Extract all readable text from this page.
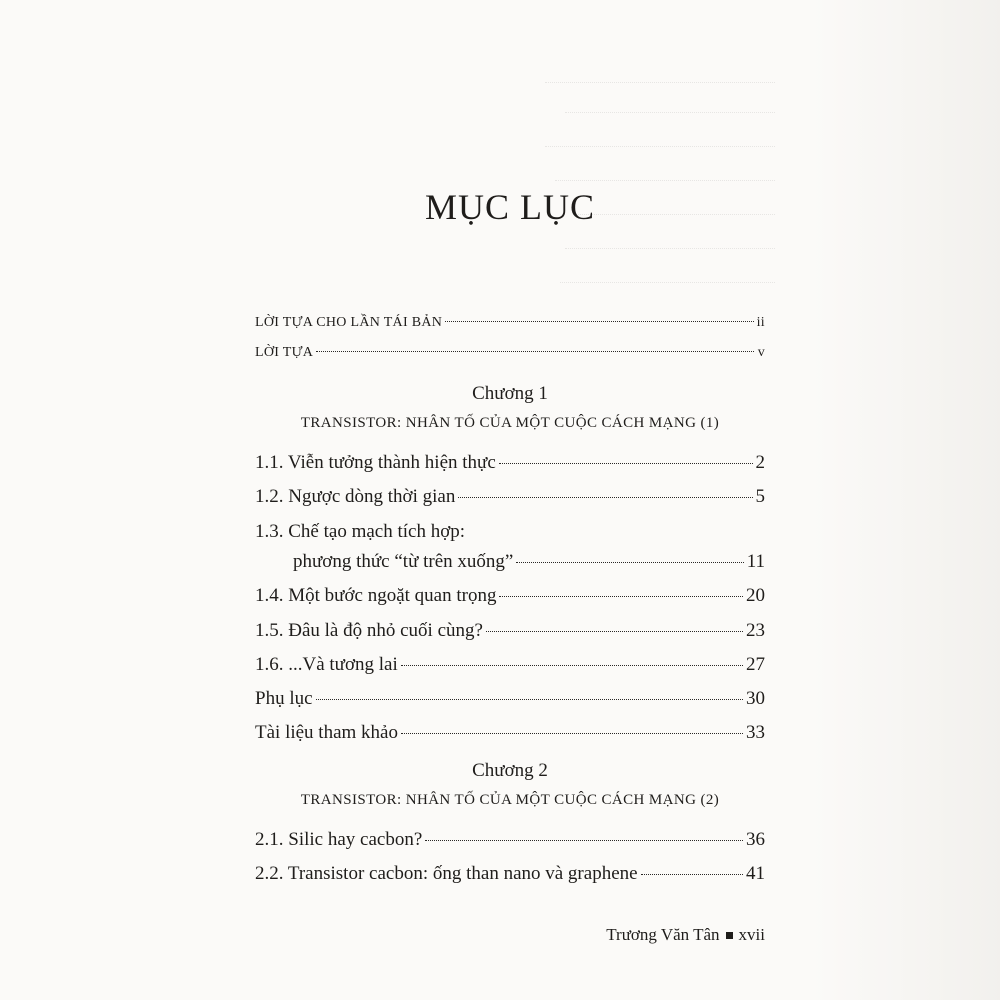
MỤC LỤC
LỜI TỰA CHO LẦN TÁI BẢN	ii
LỜI TỰA	v
Chương 1
TRANSISTOR: NHÂN TỐ CỦA MỘT CUỘC CÁCH MẠNG (1)
1.1. Viễn tưởng thành hiện thực	2
1.2. Ngược dòng thời gian	5
1.3. Chế tạo mạch tích hợp:
phương thức “từ trên xuống”	11
1.4. Một bước ngoặt quan trọng	20
1.5. Đâu là độ nhỏ cuối cùng?	23
1.6. ...Và tương lai	27
Phụ lục	30
Tài liệu tham khảo	33
Chương 2
TRANSISTOR: NHÂN TỐ CỦA MỘT CUỘC CÁCH MẠNG (2)
2.1. Silic hay cacbon?	36
2.2. Transistor cacbon: ống than nano và graphene	41
Trương Văn Tân xvii
